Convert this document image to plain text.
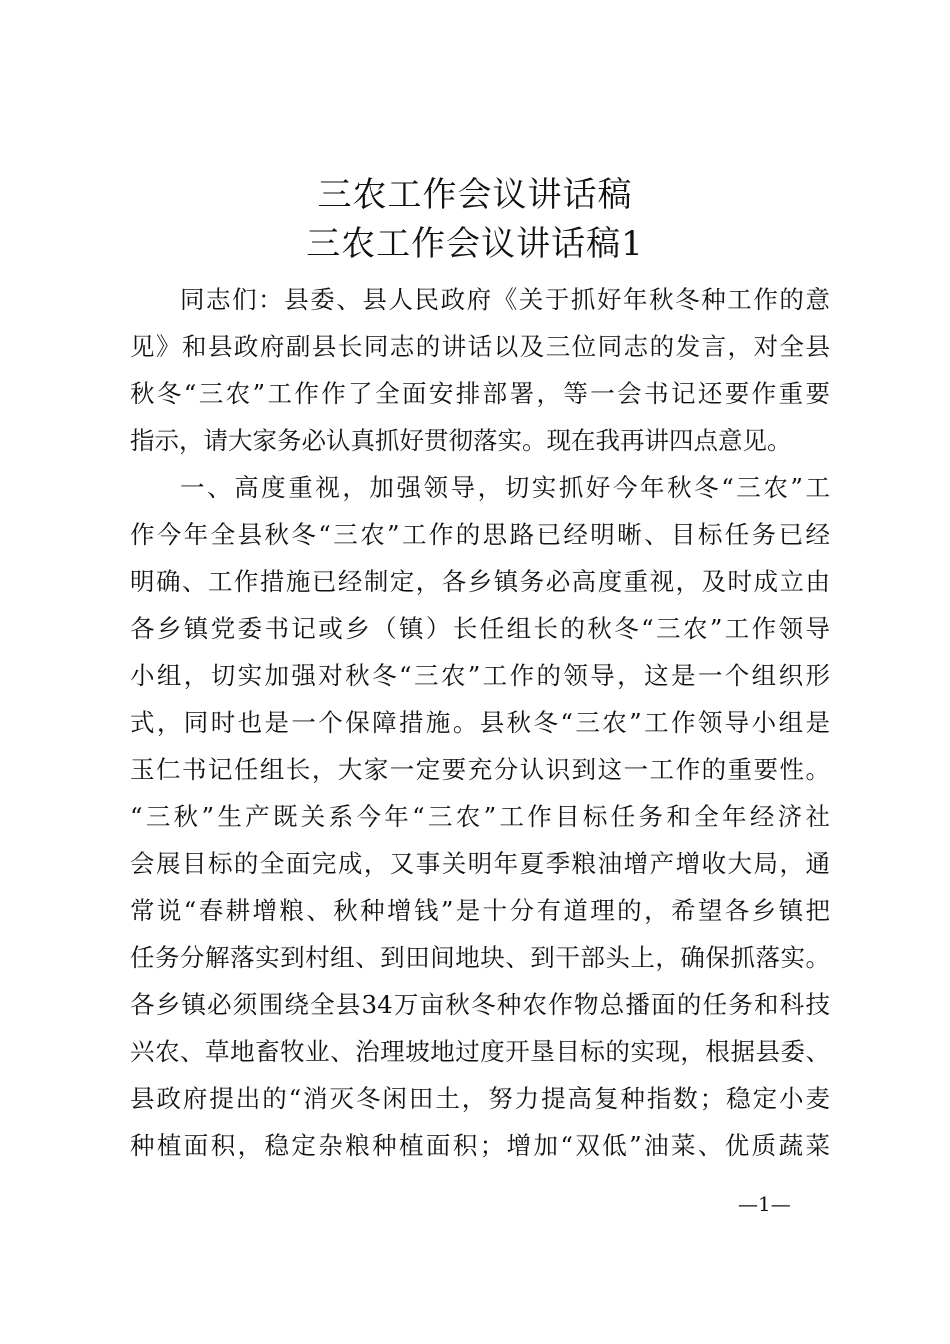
三农工作会议讲话稿
三农工作会议讲话稿1
同志们：县委、县人民政府《关于抓好年秋冬种工作的意
见》和县政府副县长同志的讲话以及三位同志的发言，对全县
秋冬“三农”工作作了全面安排部署，等一会书记还要作重要
指示，请大家务必认真抓好贯彻落实。现在我再讲四点意见。
一、高度重视，加强领导，切实抓好今年秋冬“三农”工
作今年全县秋冬“三农”工作的思路已经明晰、目标任务已经
明确、工作措施已经制定，各乡镇务必高度重视，及时成立由
各乡镇党委书记或乡（镇）长任组长的秋冬“三农”工作领导
小组，切实加强对秋冬“三农”工作的领导，这是一个组织形
式，同时也是一个保障措施。县秋冬“三农”工作领导小组是
玉仁书记任组长，大家一定要充分认识到这一工作的重要性。
“三秋”生产既关系今年“三农”工作目标任务和全年经济社
会展目标的全面完成，又事关明年夏季粮油增产增收大局，通
常说“春耕增粮、秋种增钱”是十分有道理的，希望各乡镇把
任务分解落实到村组、到田间地块、到干部头上，确保抓落实。
各乡镇必须围绕全县34万亩秋冬种农作物总播面的任务和科技
兴农、草地畜牧业、治理坡地过度开垦目标的实现，根据县委、
县政府提出的“消灭冬闲田土，努力提高复种指数；稳定小麦
种植面积，稳定杂粮种植面积；增加“双低”油菜、优质蔬菜
—1—
